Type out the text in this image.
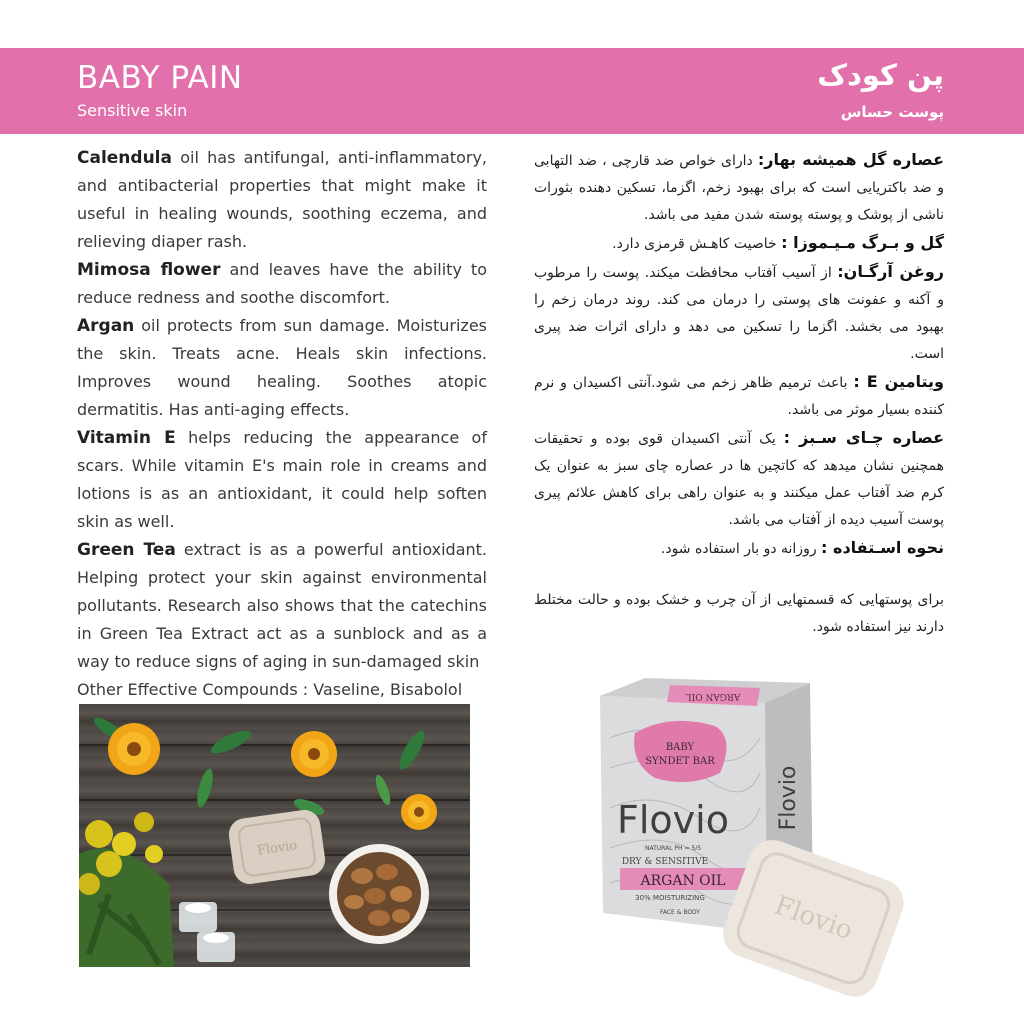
BABY PAIN
Sensitive skin
پن کودک
پوست حساس

Calendula oil has antifungal, anti-inflammatory, and antibacterial properties that might make it useful in healing wounds, soothing eczema, and relieving diaper rash.

Mimosa flower and leaves have the ability to reduce redness and soothe discomfort.

Argan oil protects from sun damage. Moisturizes the skin. Treats acne. Heals skin infections. Improves wound healing. Soothes atopic dermatitis. Has anti-aging effects.

Vitamin E helps reducing the appearance of scars. While vitamin E's main role in creams and lotions is as an antioxidant, it could help soften skin as well.

Green Tea extract is as a powerful antioxidant. Helping protect your skin against environmental pollutants. Research also shows that the catechins in Green Tea Extract act as a sunblock and as a way to reduce signs of aging in sun-damaged skin

Other Effective Compounds : Vaseline, Bisabolol

عصاره گل همیشه بهار: دارای خواص ضد قارچی ، ضد التهابی و ضد باکتریایی است که برای بهبود زخم، اگزما، تسکین دهنده بثورات ناشی از پوشک و پوسته پوسته شدن مفید می باشد.

گل و بـرگ مـیـموزا : خاصیت کاهـش قرمزی دارد.

روغن آرگـان: از آسیب آفتاب محافظت میکند. پوست را مرطوب و آکنه و عفونت های پوستی را درمان می کند. روند درمان زخم را بهبود می بخشد. اگزما را تسکین می دهد و دارای اثرات ضد پیری است.

ویتامین E : باعث ترمیم ظاهر زخم می شود.آنتی اکسیدان و نرم کننده بسیار موثر می باشد.

عصاره چـای سـبز : یک آنتی اکسیدان قوی بوده و تحقیقات همچنین نشان میدهد که کاتچین ها در عصاره چای سبز به عنوان یک کرم ضد آفتاب عمل میکنند و به عنوان راهی برای کاهش علائم پیری پوست آسیب دیده از آفتاب می باشد.

نحوه اسـتفاده : روزانه دو بار استفاده شود.

برای پوستهایی که قسمتهایی از آن چرب و خشک بوده و حالت مختلط دارند نیز استفاده شود.

Flovio
ARGAN OIL
BABY
SYNDET BAR
Flovio
NATURAL PH = 5/5
DRY & SENSITIVE
ARGAN OIL
30% MOISTURIZING
FACE & BODY
Flovio
Flovio
